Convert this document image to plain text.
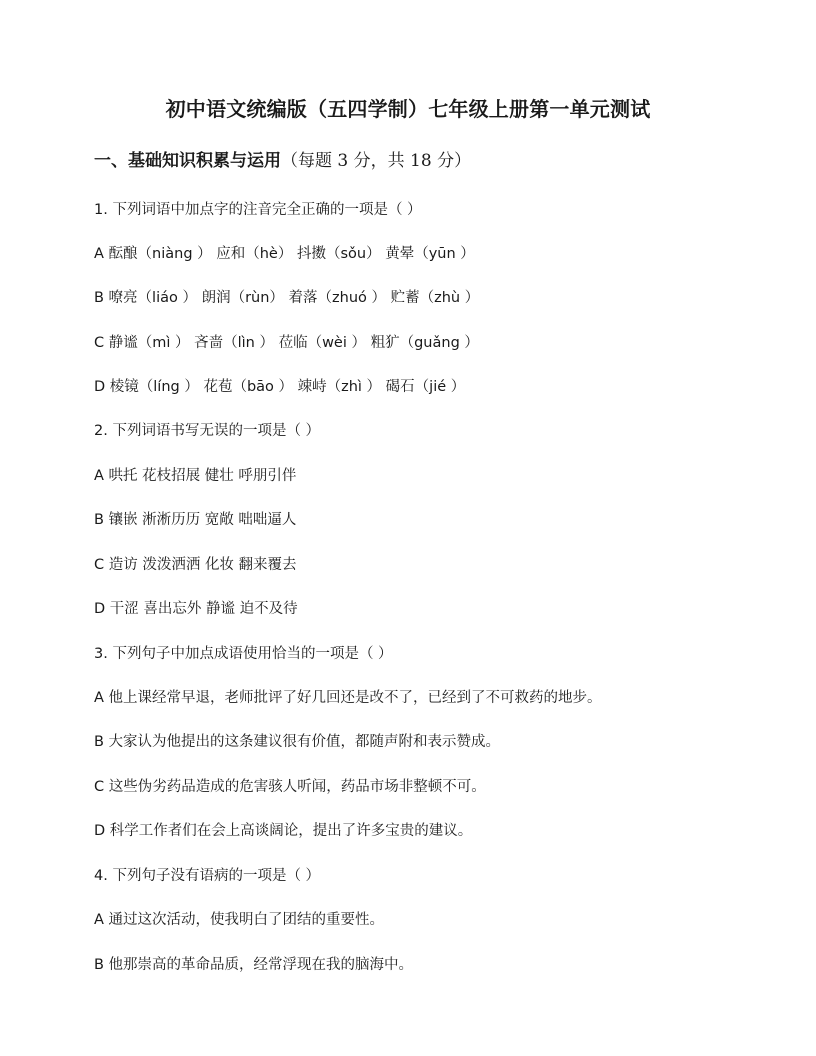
初中语文统编版（五四学制）七年级上册第一单元测试
一、基础知识积累与运用（每题 3 分，共 18 分）
1. 下列词语中加点字的注音完全正确的一项是（ ）
A 酝酿（niàng ） 应和（hè） 抖擞（sǒu） 黄晕（yūn ）
B 嘹亮（liáo ） 朗润（rùn） 着落（zhuó ） 贮蓄（zhù ）
C 静谧（mì ） 吝啬（lìn ） 莅临（wèi ） 粗犷（guǎng ）
D 棱镜（líng ） 花苞（bāo ） 竦峙（zhì ） 碣石（jié ）
2. 下列词语书写无误的一项是（ ）
A 哄托 花枝招展 健壮 呼朋引伴
B 镶嵌 淅淅历历 宽敞 咄咄逼人
C 造访 泼泼洒洒 化妆 翻来覆去
D 干涩 喜出忘外 静谧 迫不及待
3. 下列句子中加点成语使用恰当的一项是（ ）
A 他上课经常早退，老师批评了好几回还是改不了，已经到了不可救药的地步。
B 大家认为他提出的这条建议很有价值，都随声附和表示赞成。
C 这些伪劣药品造成的危害骇人听闻，药品市场非整顿不可。
D 科学工作者们在会上高谈阔论，提出了许多宝贵的建议。
4. 下列句子没有语病的一项是（ ）
A 通过这次活动，使我明白了团结的重要性。
B 他那崇高的革命品质，经常浮现在我的脑海中。
